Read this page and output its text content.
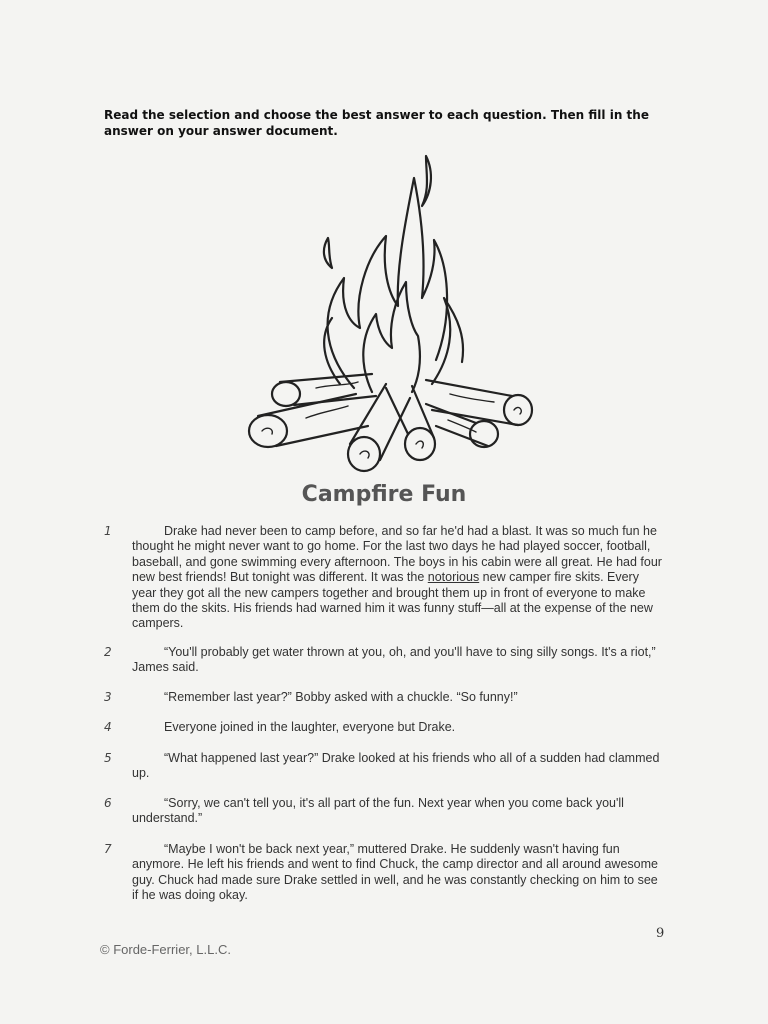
Read the selection and choose the best answer to each question. Then fill in the answer on your answer document.
Campfire Fun
1	Drake had never been to camp before, and so far he'd had a blast. It was so much fun he thought he might never want to go home. For the last two days he had played soccer, football, baseball, and gone swimming every afternoon. The boys in his cabin were all great. He had four new best friends! But tonight was different. It was the notorious new camper fire skits. Every year they got all the new campers together and brought them up in front of everyone to make them do the skits. His friends had warned him it was funny stuff—all at the expense of the new campers.
2	“You'll probably get water thrown at you, oh, and you'll have to sing silly songs. It's a riot,” James said.
3	“Remember last year?” Bobby asked with a chuckle. “So funny!”
4	Everyone joined in the laughter, everyone but Drake.
5	“What happened last year?” Drake looked at his friends who all of a sudden had clammed up.
6	“Sorry, we can't tell you, it's all part of the fun. Next year when you come back you'll understand.”
7	“Maybe I won't be back next year,” muttered Drake. He suddenly wasn't having fun anymore. He left his friends and went to find Chuck, the camp director and all around awesome guy. Chuck had made sure Drake settled in well, and he was constantly checking on him to see if he was doing okay.
9
© Forde-Ferrier, L.L.C.
